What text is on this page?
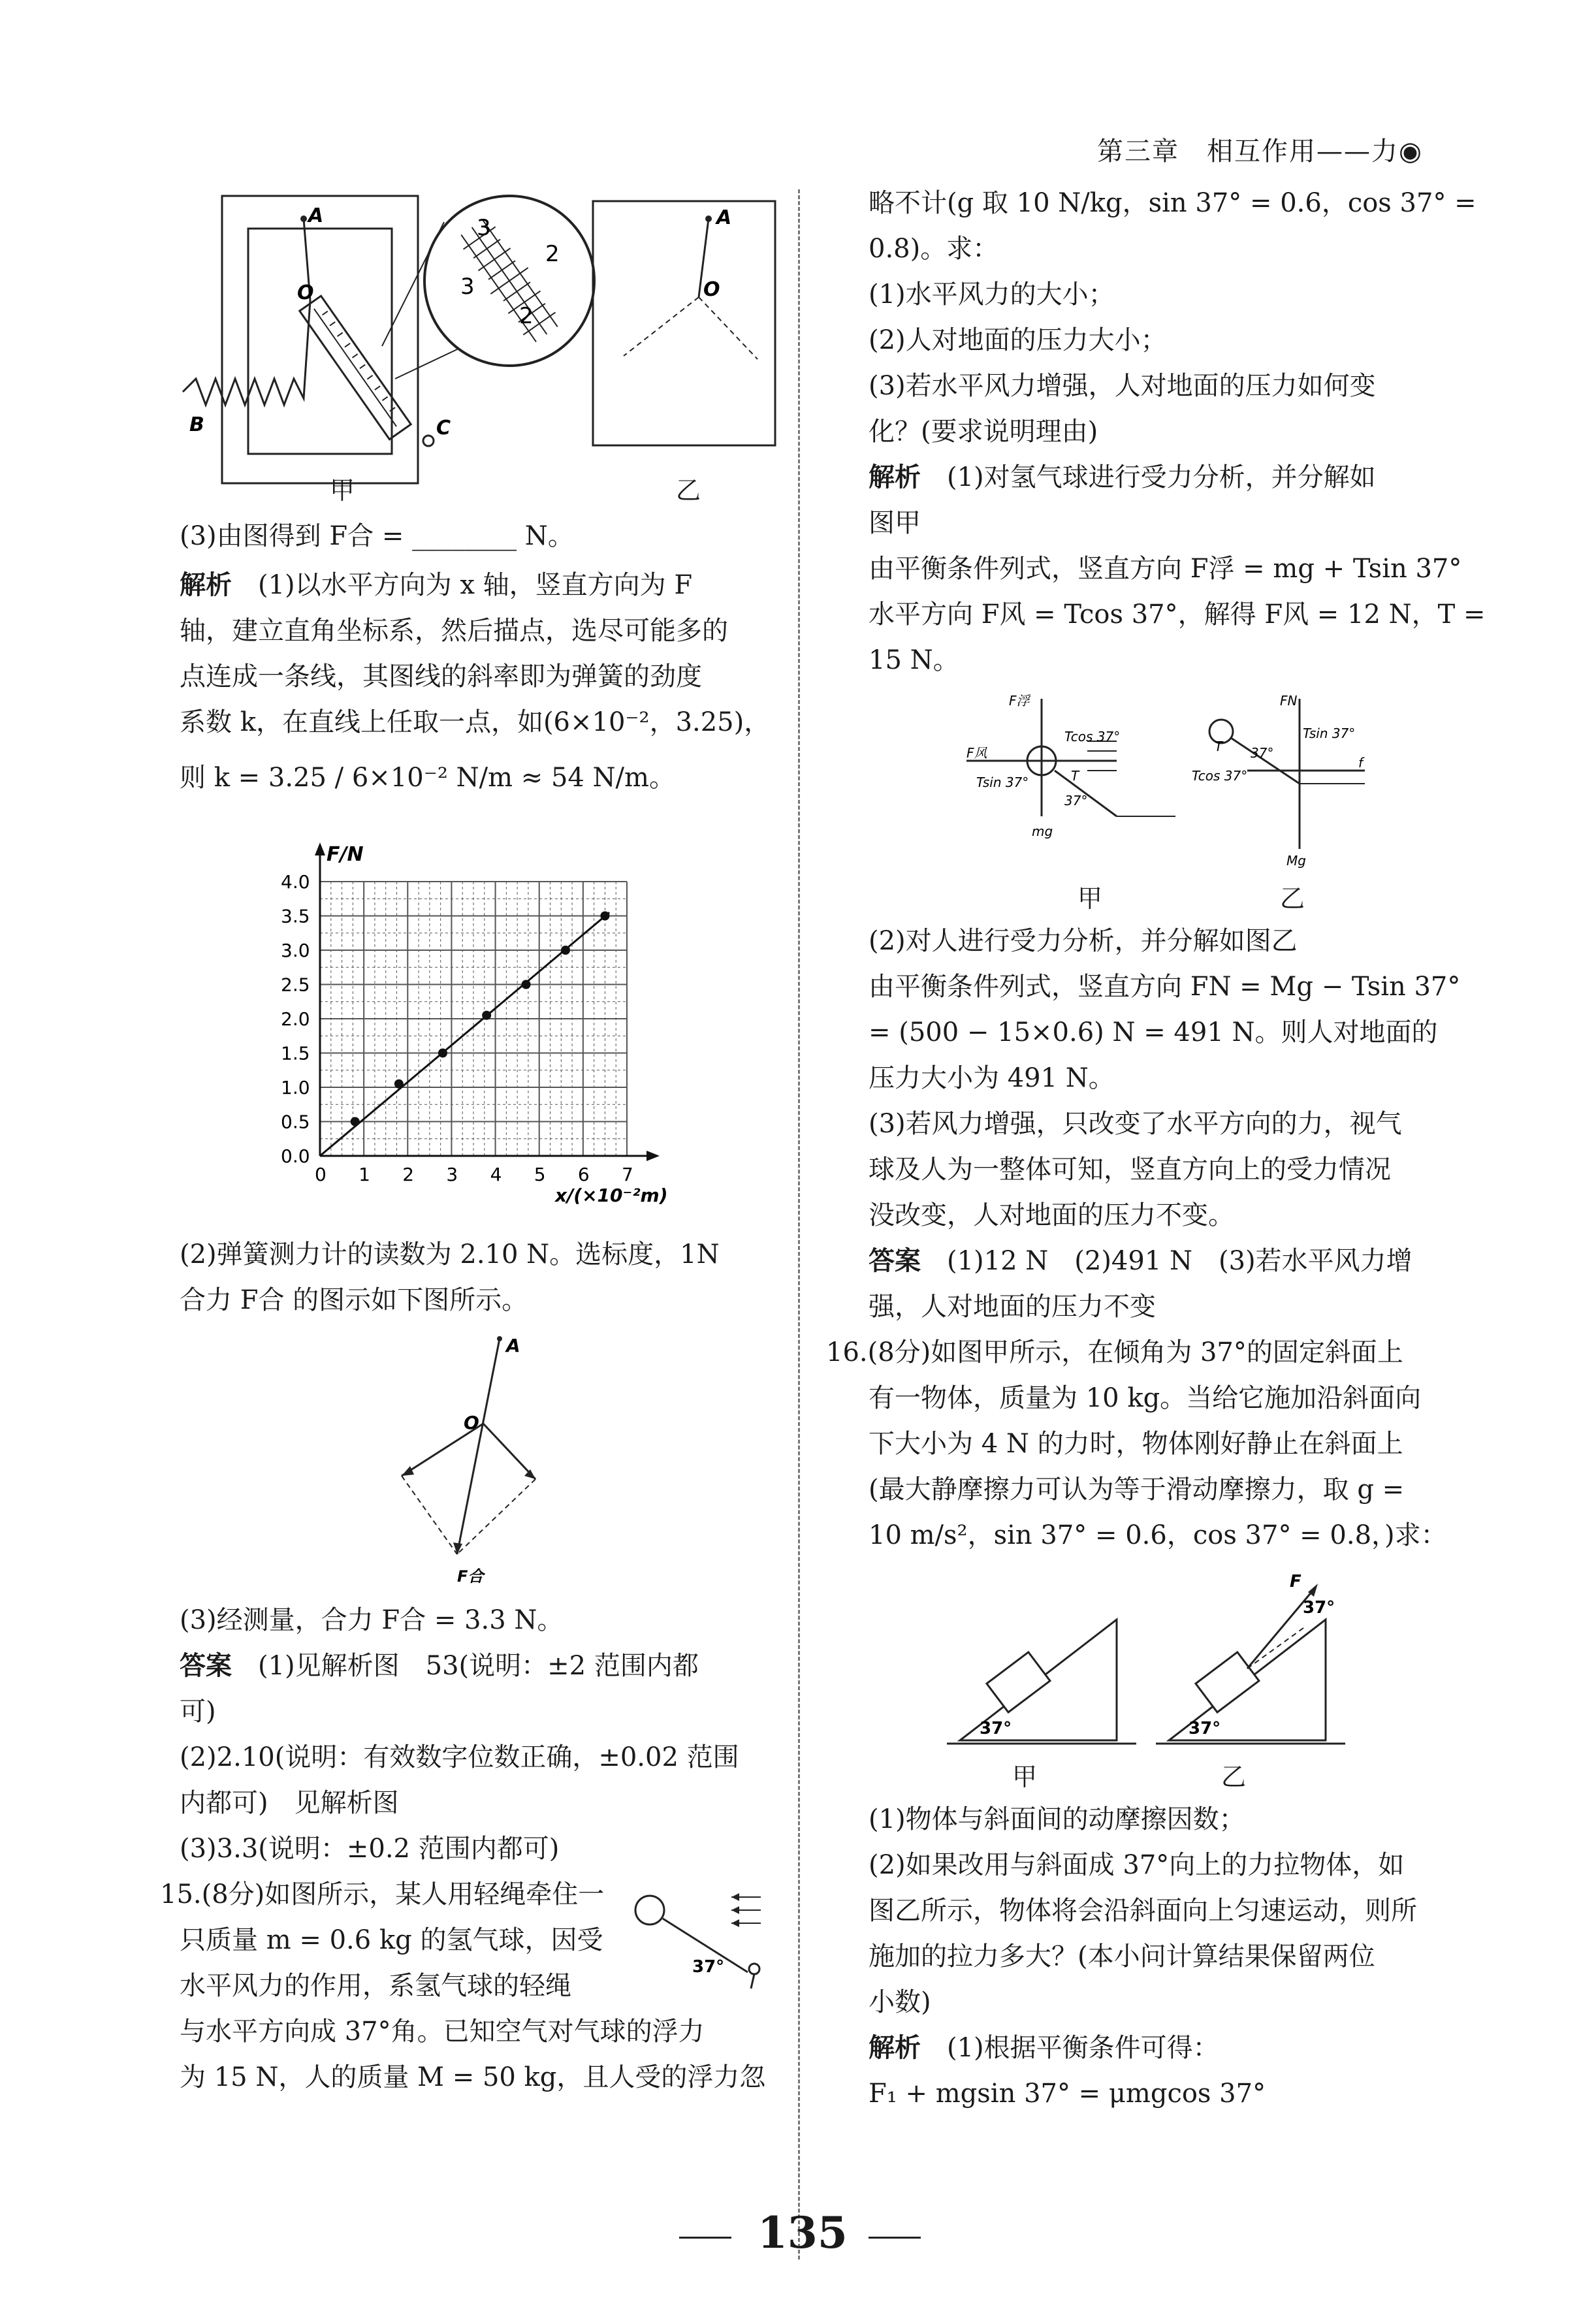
第三章　相互作用——力◉
3
2
3
2
A
O
B	C
A
O
甲	乙
(3)由图得到 F合 = ________ N。
解析　(1)以水平方向为 x 轴，竖直方向为 F
轴，建立直角坐标系，然后描点，选尽可能多的
点连成一条线，其图线的斜率即为弹簧的劲度
系数 k，在直线上任取一点，如(6×10⁻²，3.25)，
则 k = 3.25 / 6×10⁻² N/m ≈ 54 N/m。
0 1 2 3 4 5 6 7
0.0
0.5
1.0
1.5
2.0
2.5
3.0
3.5
4.0
F/N
x/(×10⁻²m)
(2)弹簧测力计的读数为 2.10 N。选标度，1N
合力 F合 的图示如下图所示。
A
O
F合
(3)经测量，合力 F合 = 3.3 N。
答案　(1)见解析图　53(说明：±2 范围内都
可)
(2)2.10(说明：有效数字位数正确，±0.02 范围
内都可)　见解析图
(3)3.3(说明：±0.2 范围内都可)
15.(8分)如图所示，某人用轻绳牵住一
只质量 m = 0.6 kg 的氢气球，因受
水平风力的作用，系氢气球的轻绳
与水平方向成 37°角。已知空气对气球的浮力
为 15 N，人的质量 M = 50 kg，且人受的浮力忽
37°
略不计(g 取 10 N/kg，sin 37° = 0.6，cos 37° =
0.8)。求：
(1)水平风力的大小；
(2)人对地面的压力大小；
(3)若水平风力增强，人对地面的压力如何变
化？(要求说明理由)
解析　(1)对氢气球进行受力分析，并分解如
图甲
由平衡条件列式，竖直方向 F浮 = mg + Tsin 37°
水平方向 F风 = Tcos 37°，解得 F风 = 12 N，T =
15 N。
F浮
Tcos 37°
F风
Tsin 37°	T
37°
mg
FN
Tsin 37°
37°
f
Tcos 37°
Mg
T
甲	乙
(2)对人进行受力分析，并分解如图乙
由平衡条件列式，竖直方向 FN = Mg − Tsin 37°
= (500 − 15×0.6) N = 491 N。则人对地面的
压力大小为 491 N。
(3)若风力增强，只改变了水平方向的力，视气
球及人为一整体可知，竖直方向上的受力情况
没改变，人对地面的压力不变。
答案　(1)12 N　(2)491 N　(3)若水平风力增
强，人对地面的压力不变
16.(8分)如图甲所示，在倾角为 37°的固定斜面上
有一物体，质量为 10 kg。当给它施加沿斜面向
下大小为 4 N 的力时，物体刚好静止在斜面上
(最大静摩擦力可认为等于滑动摩擦力，取 g =
10 m/s²，sin 37° = 0.6，cos 37° = 0.8，)求：
37°	37°
37°
F
甲	乙
(1)物体与斜面间的动摩擦因数；
(2)如果改用与斜面成 37°向上的力拉物体，如
图乙所示，物体将会沿斜面向上匀速运动，则所
施加的拉力多大？(本小问计算结果保留两位
小数)
解析　(1)根据平衡条件可得：
F₁ + mgsin 37° = μmgcos 37°
135
